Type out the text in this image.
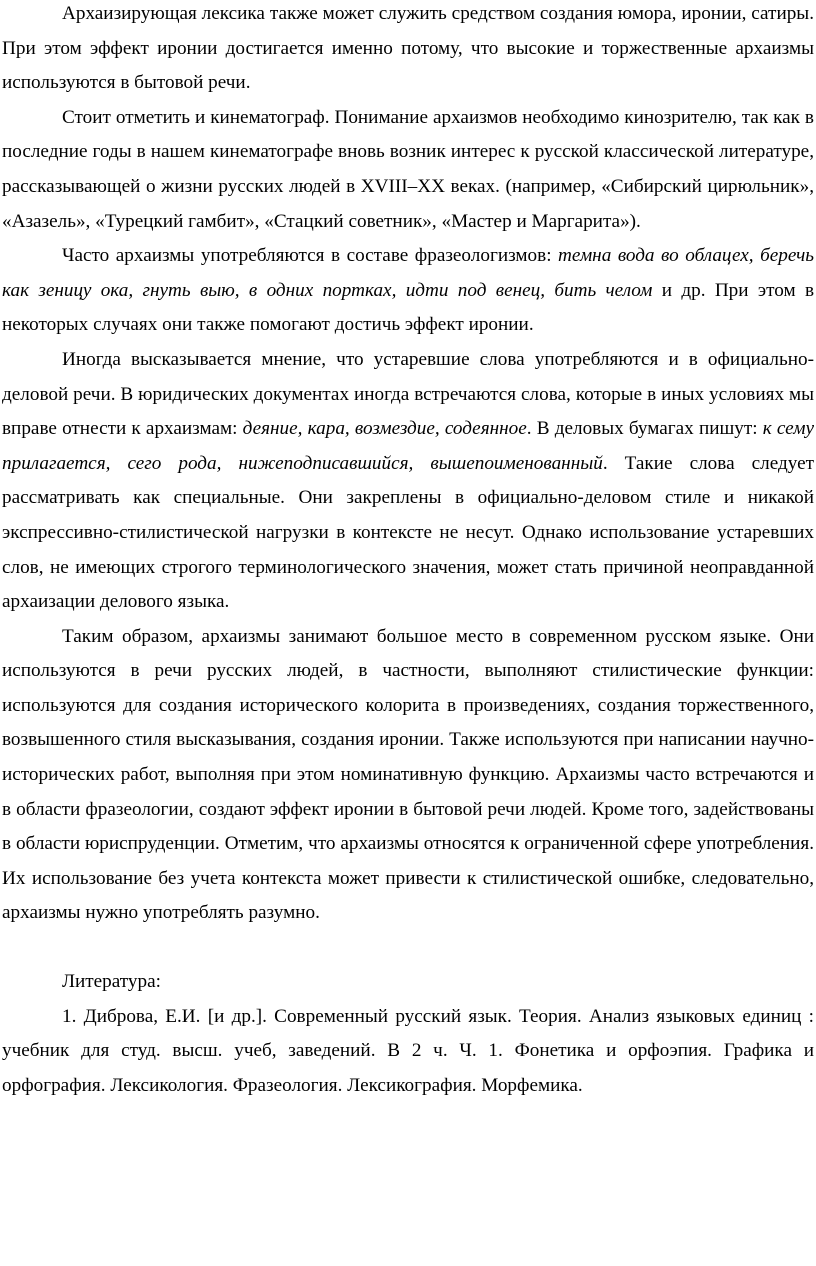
Архаизирующая лексика также может служить средством создания юмора, иронии, сатиры. При этом эффект иронии достигается именно потому, что высокие и торжественные архаизмы используются в бытовой речи.

Стоит отметить и кинематограф. Понимание архаизмов необходимо кинозрителю, так как в последние годы в нашем кинематографе вновь возник интерес к русской классической литературе, рассказывающей о жизни русских людей в XVIII–XX веках. (например, «Сибирский цирюльник», «Азазель», «Турецкий гамбит», «Стацкий советник», «Мастер и Маргарита»).

Часто архаизмы употребляются в составе фразеологизмов: темна вода во облацех, беречь как зеницу ока, гнуть выю, в одних портках, идти под венец, бить челом и др. При этом в некоторых случаях они также помогают достичь эффект иронии.

Иногда высказывается мнение, что устаревшие слова употребляются и в официально-деловой речи. В юридических документах иногда встречаются слова, которые в иных условиях мы вправе отнести к архаизмам: деяние, кара, возмездие, содеянное. В деловых бумагах пишут: к сему прилагается, сего рода, нижеподписавшийся, вышепоименованный. Такие слова следует рассматривать как специальные. Они закреплены в официально-деловом стиле и никакой экспрессивно-стилистической нагрузки в контексте не несут. Однако использование устаревших слов, не имеющих строгого терминологического значения, может стать причиной неоправданной архаизации делового языка.

Таким образом, архаизмы занимают большое место в современном русском языке. Они используются в речи русских людей, в частности, выполняют стилистические функции: используются для создания исторического колорита в произведениях, создания торжественного, возвышенного стиля высказывания, создания иронии. Также используются при написании научно-исторических работ, выполняя при этом номинативную функцию. Архаизмы часто встречаются и в области фразеологии, создают эффект иронии в бытовой речи людей. Кроме того, задействованы в области юриспруденции. Отметим, что архаизмы относятся к ограниченной сфере употребления. Их использование без учета контекста может привести к стилистической ошибке, следовательно, архаизмы нужно употреблять разумно.

Литература:

1. Диброва, Е.И. [и др.]. Современный русский язык. Теория. Анализ языковых единиц : учебник для студ. высш. учеб, заведений. В 2 ч. Ч. 1. Фонетика и орфоэпия. Графика и орфография. Лексикология. Фразеология. Лексикография. Морфемика.
